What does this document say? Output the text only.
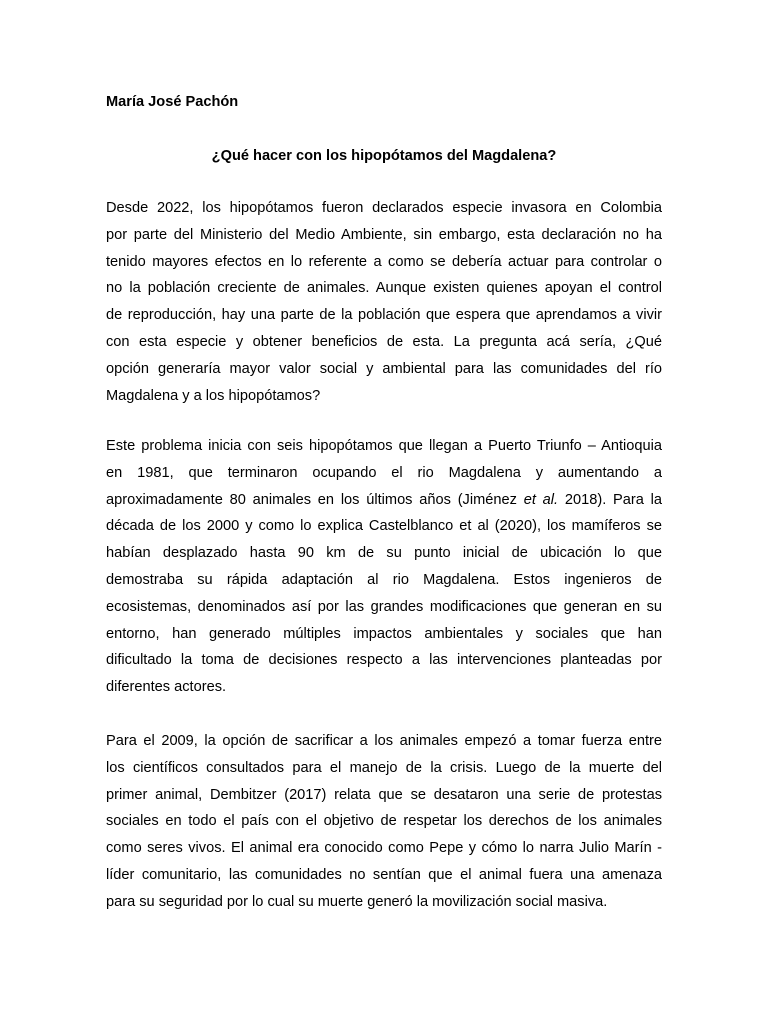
María José Pachón
¿Qué hacer con los hipopótamos del Magdalena?
Desde 2022, los hipopótamos fueron declarados especie invasora en Colombia
por parte del Ministerio del Medio Ambiente, sin embargo, esta declaración no ha
tenido mayores efectos en lo referente a como se debería actuar para controlar o
no la población creciente de animales. Aunque existen quienes apoyan el control
de reproducción, hay una parte de la población que espera que aprendamos a vivir
con esta especie y obtener beneficios de esta. La pregunta acá sería, ¿Qué
opción generaría mayor valor social y ambiental para las comunidades del río
Magdalena y a los hipopótamos?
Este problema inicia con seis hipopótamos que llegan a Puerto Triunfo – Antioquia
en 1981, que terminaron ocupando el rio Magdalena y aumentando a
aproximadamente 80 animales en los últimos años (Jiménez et al. 2018). Para la
década de los 2000 y como lo explica Castelblanco et al (2020), los mamíferos se
habían desplazado hasta 90 km de su punto inicial de ubicación lo que
demostraba su rápida adaptación al rio Magdalena. Estos ingenieros de
ecosistemas, denominados así por las grandes modificaciones que generan en su
entorno, han generado múltiples impactos ambientales y sociales que han
dificultado la toma de decisiones respecto a las intervenciones planteadas por
diferentes actores.
Para el 2009, la opción de sacrificar a los animales empezó a tomar fuerza entre
los científicos consultados para el manejo de la crisis. Luego de la muerte del
primer animal, Dembitzer (2017) relata que se desataron una serie de protestas
sociales en todo el país con el objetivo de respetar los derechos de los animales
como seres vivos. El animal era conocido como Pepe y cómo lo narra Julio Marín -
líder comunitario, las comunidades no sentían que el animal fuera una amenaza
para su seguridad por lo cual su muerte generó la movilización social masiva.
